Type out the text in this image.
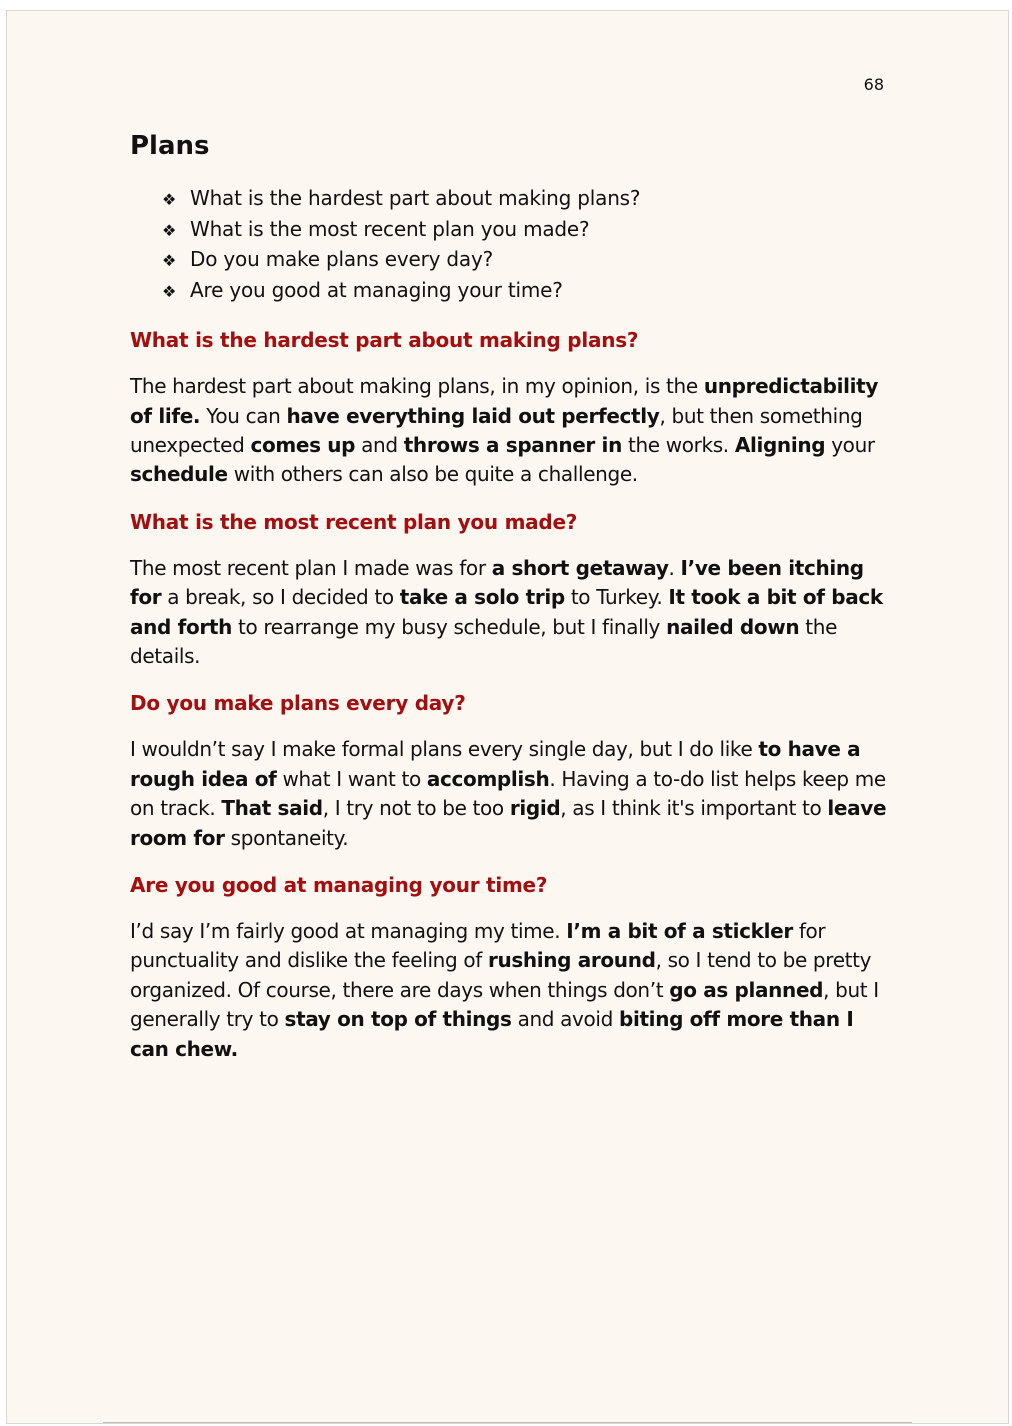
68
Plans
❖ What is the hardest part about making plans?
❖ What is the most recent plan you made?
❖ Do you make plans every day?
❖ Are you good at managing your time?
What is the hardest part about making plans?

The hardest part about making plans, in my opinion, is the unpredictability of life. You can have everything laid out perfectly, but then something unexpected comes up and throws a spanner in the works. Aligning your schedule with others can also be quite a challenge.

What is the most recent plan you made?

The most recent plan I made was for a short getaway. I’ve been itching for a break, so I decided to take a solo trip to Turkey. It took a bit of back and forth to rearrange my busy schedule, but I finally nailed down the details.

Do you make plans every day?

I wouldn’t say I make formal plans every single day, but I do like to have a rough idea of what I want to accomplish. Having a to-do list helps keep me on track. That said, I try not to be too rigid, as I think it's important to leave room for spontaneity.

Are you good at managing your time?

I’d say I’m fairly good at managing my time. I’m a bit of a stickler for punctuality and dislike the feeling of rushing around, so I tend to be pretty organized. Of course, there are days when things don’t go as planned, but I generally try to stay on top of things and avoid biting off more than I can chew.
